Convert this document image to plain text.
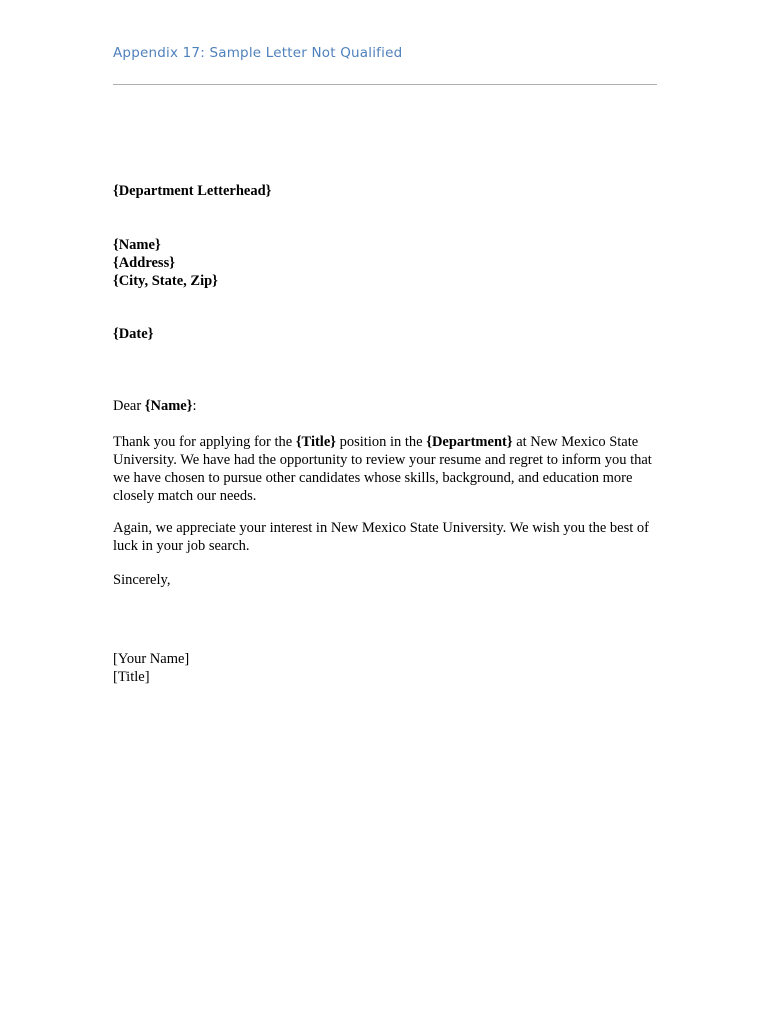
Appendix 17: Sample Letter Not Qualified
{Department Letterhead}
{Name}
{Address}
{City, State, Zip}
{Date}
Dear {Name}:

Thank you for applying for the {Title} position in the {Department} at New Mexico State University. We have had the opportunity to review your resume and regret to inform you that we have chosen to pursue other candidates whose skills, background, and education more closely match our needs.

Again, we appreciate your interest in New Mexico State University. We wish you the best of luck in your job search.

Sincerely,
[Your Name]
[Title]
